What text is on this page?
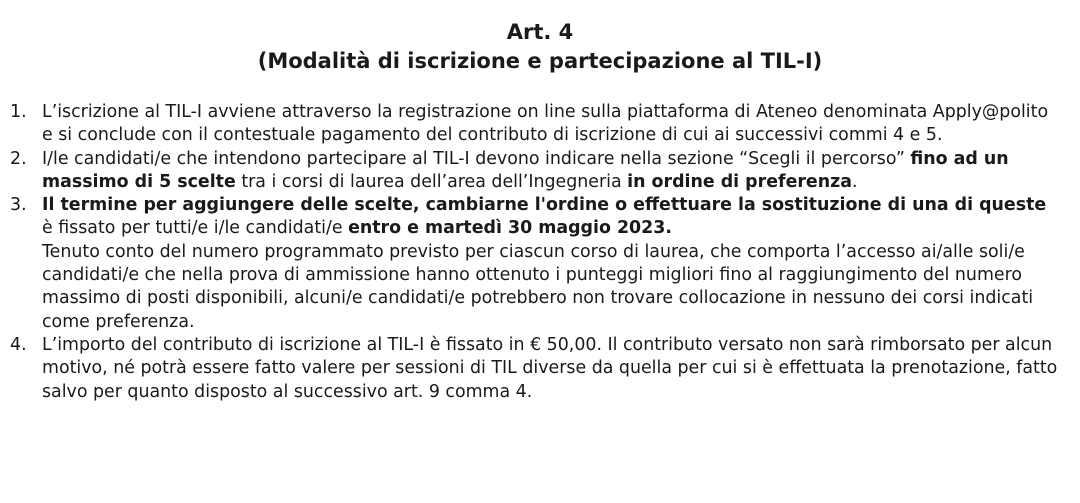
Art. 4
(Modalità di iscrizione e partecipazione al TIL-I)
1. L’iscrizione al TIL-I avviene attraverso la registrazione on line sulla piattaforma di Ateneo denominata Apply@polito e si conclude con il contestuale pagamento del contributo di iscrizione di cui ai successivi commi 4 e 5.
2. I/le candidati/e che intendono partecipare al TIL-I devono indicare nella sezione “Scegli il percorso” fino ad un massimo di 5 scelte tra i corsi di laurea dell’area dell’Ingegneria in ordine di preferenza.
3. Il termine per aggiungere delle scelte, cambiarne l'ordine o effettuare la sostituzione di una di queste è fissato per tutti/e i/le candidati/e entro e martedì 30 maggio 2023.
Tenuto conto del numero programmato previsto per ciascun corso di laurea, che comporta l’accesso ai/alle soli/e candidati/e che nella prova di ammissione hanno ottenuto i punteggi migliori fino al raggiungimento del numero massimo di posti disponibili, alcuni/e candidati/e potrebbero non trovare collocazione in nessuno dei corsi indicati come preferenza.
4. L’importo del contributo di iscrizione al TIL-I è fissato in € 50,00. Il contributo versato non sarà rimborsato per alcun motivo, né potrà essere fatto valere per sessioni di TIL diverse da quella per cui si è effettuata la prenotazione, fatto salvo per quanto disposto al successivo art. 9 comma 4.
